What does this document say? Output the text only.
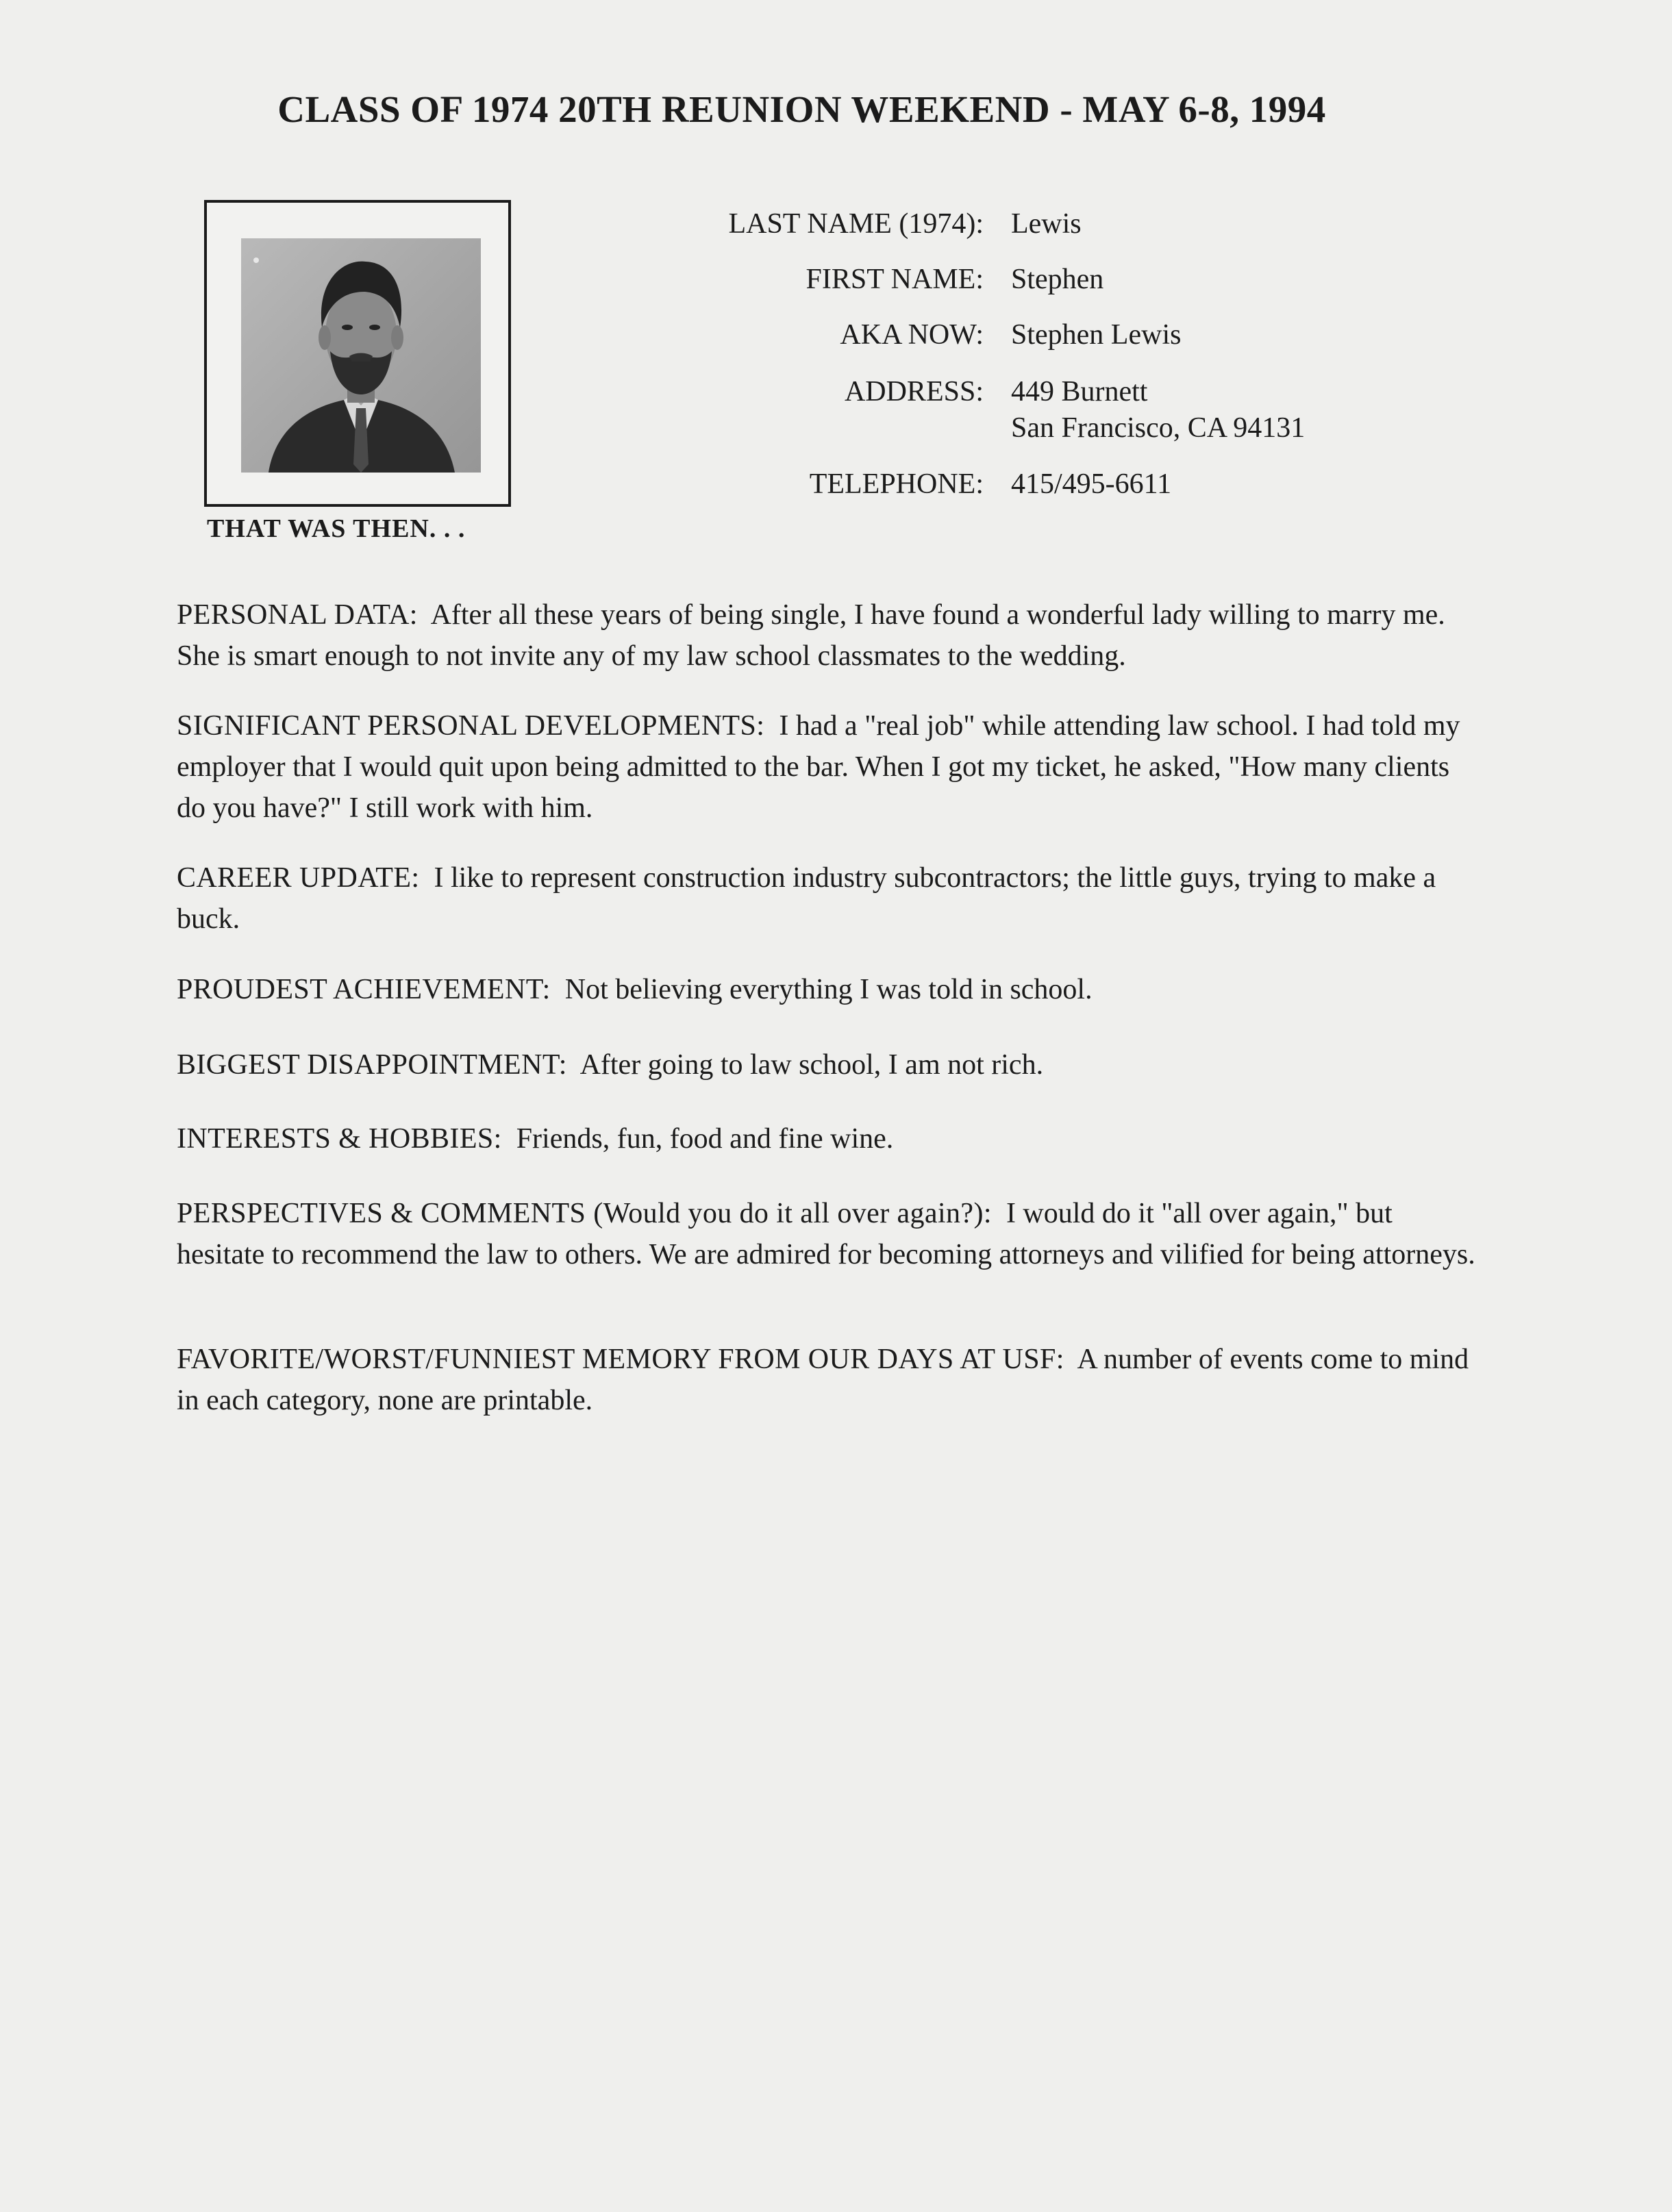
CLASS OF 1974 20TH REUNION WEEKEND - MAY 6-8, 1994
THAT WAS THEN. . .
LAST NAME (1974): Lewis
FIRST NAME: Stephen
AKA NOW: Stephen Lewis
ADDRESS: 449 Burnett
San Francisco, CA 94131
TELEPHONE: 415/495-6611
PERSONAL DATA: After all these years of being single, I have found a wonderful lady willing to marry me. She is smart enough to not invite any of my law school classmates to the wedding.
SIGNIFICANT PERSONAL DEVELOPMENTS: I had a "real job" while attending law school. I had told my employer that I would quit upon being admitted to the bar. When I got my ticket, he asked, "How many clients do you have?" I still work with him.
CAREER UPDATE: I like to represent construction industry subcontractors; the little guys, trying to make a buck.
PROUDEST ACHIEVEMENT: Not believing everything I was told in school.
BIGGEST DISAPPOINTMENT: After going to law school, I am not rich.
INTERESTS & HOBBIES: Friends, fun, food and fine wine.
PERSPECTIVES & COMMENTS (Would you do it all over again?): I would do it "all over again," but hesitate to recommend the law to others. We are admired for becoming attorneys and vilified for being attorneys.
FAVORITE/WORST/FUNNIEST MEMORY FROM OUR DAYS AT USF: A number of events come to mind in each category, none are printable.
